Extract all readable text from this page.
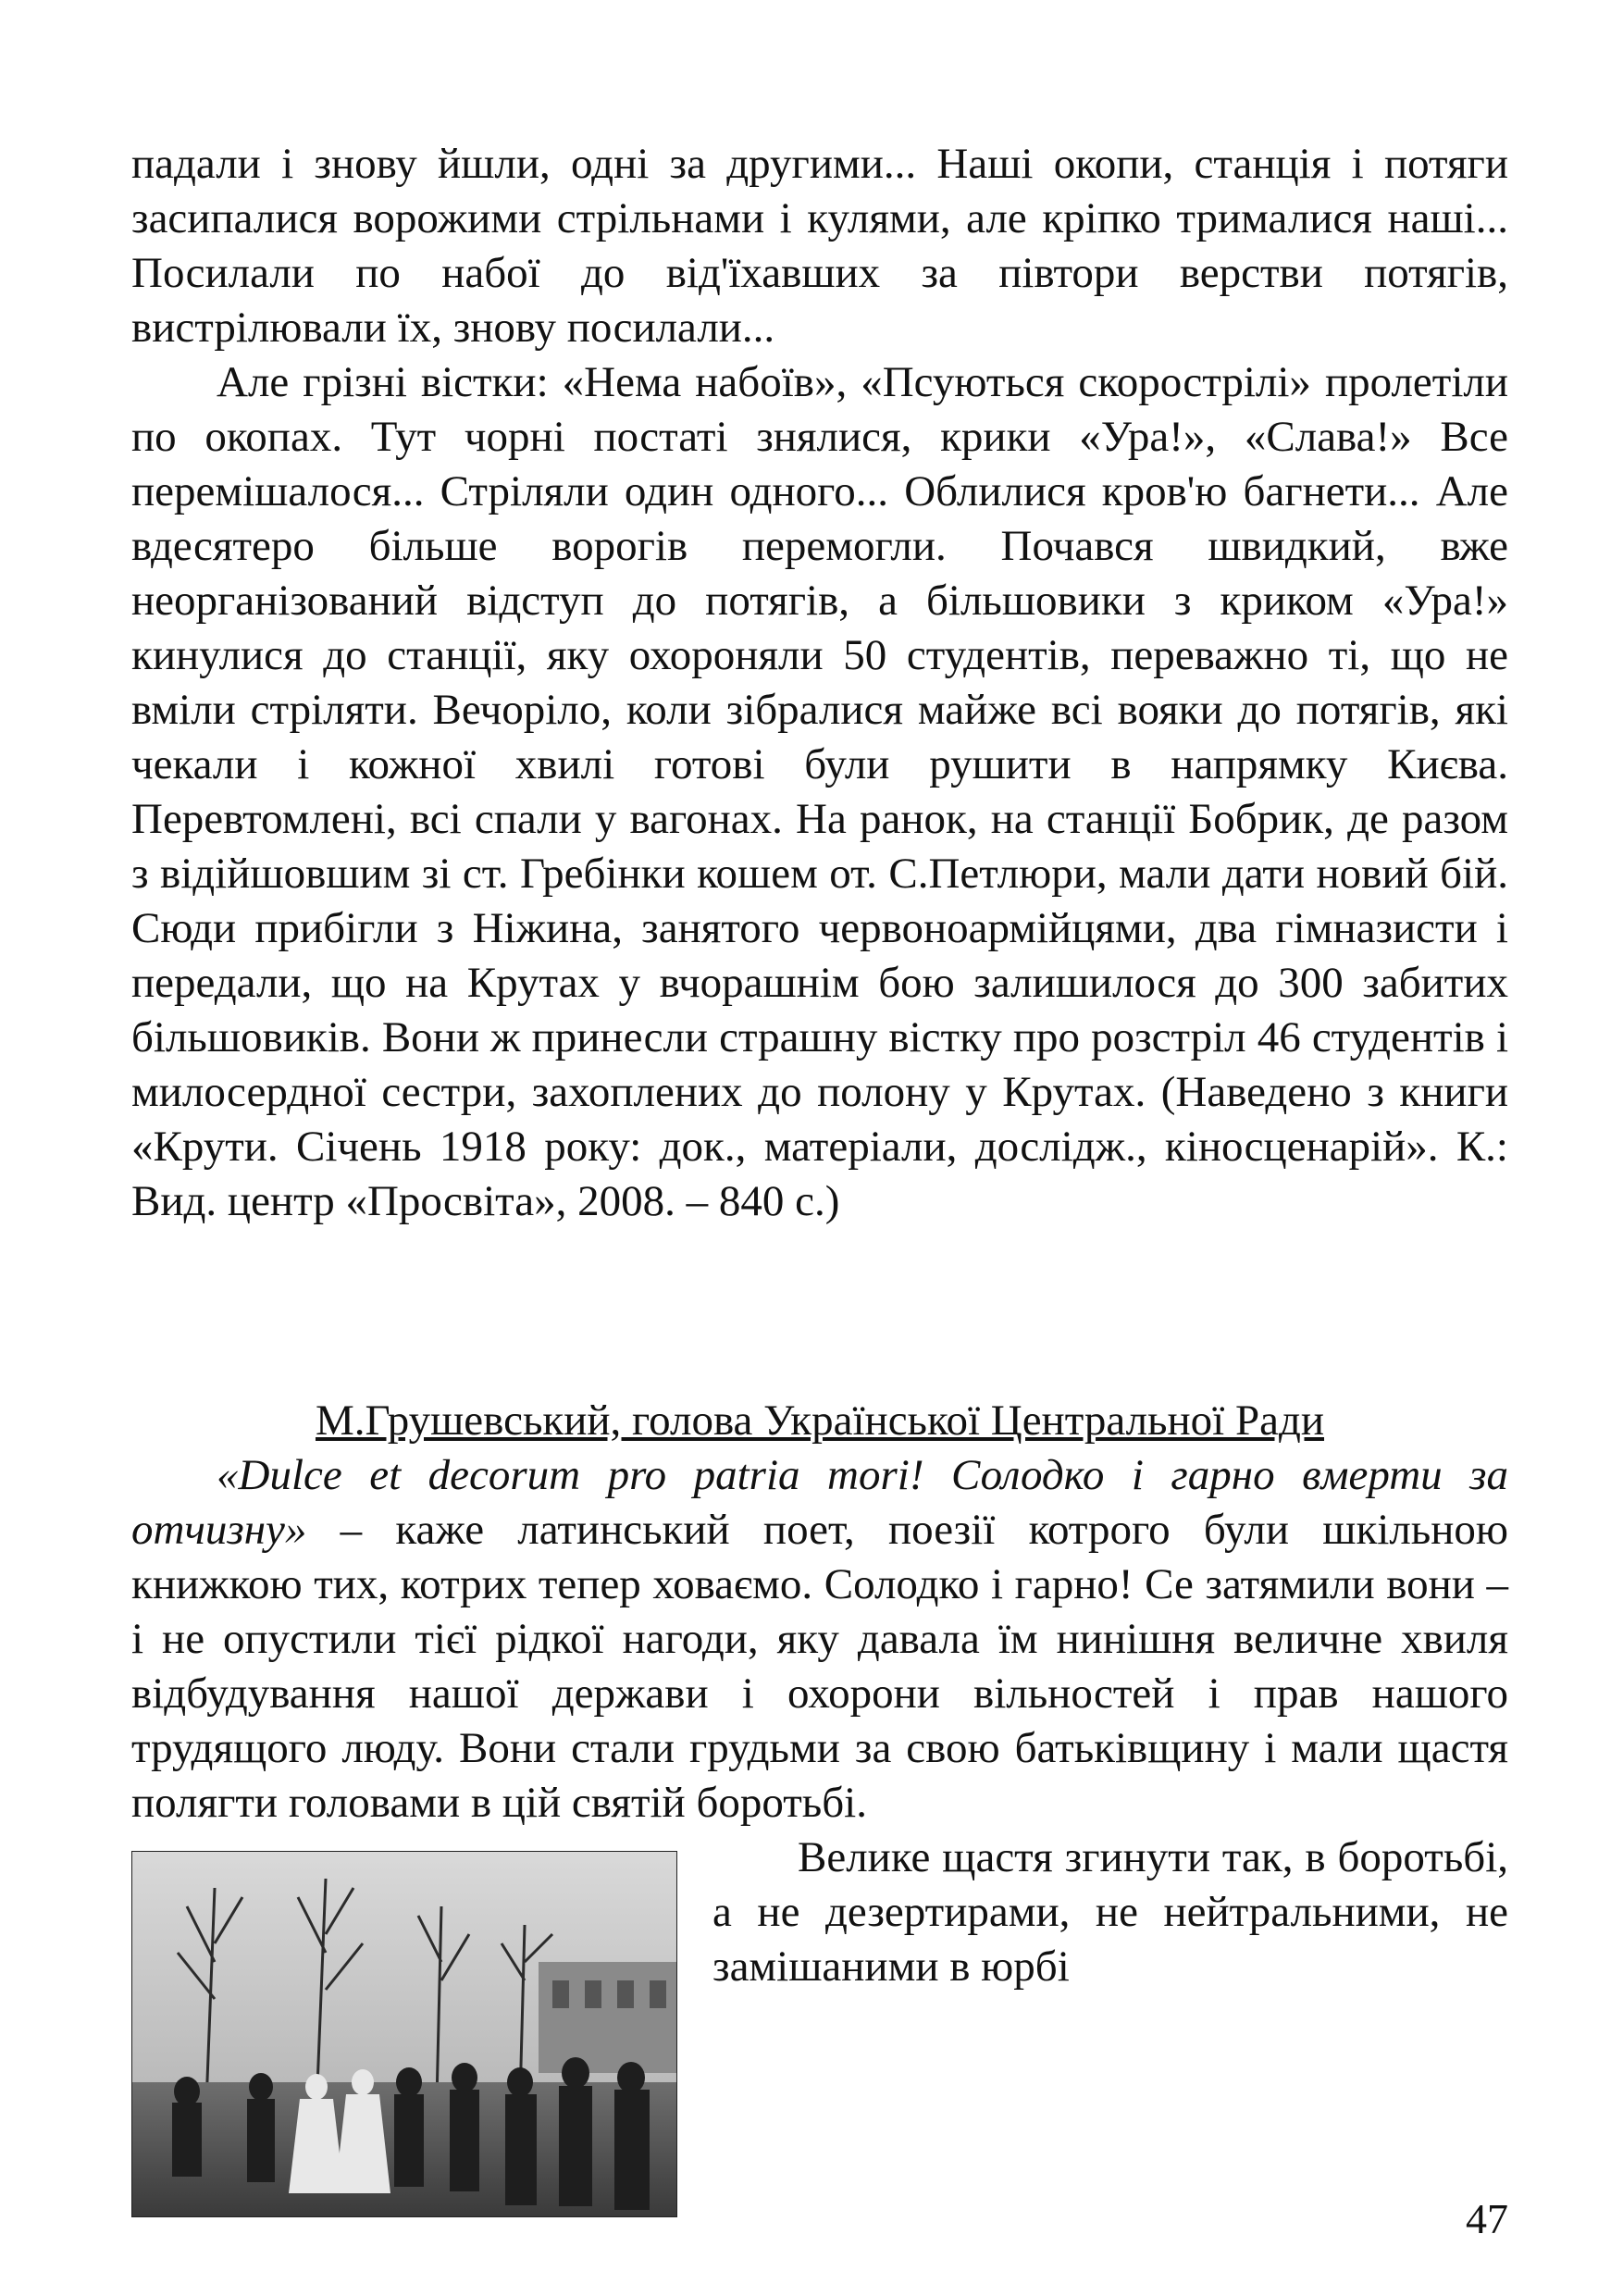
падали і знову йшли, одні за другими... Наші окопи, станція і потяги засипалися ворожими стрільнами і кулями, але кріпко трималися наші... Посилали по набої до від'їхавших за півтори верстви потягів, вистрілювали їх, знову посилали...

Але грізні вістки: «Нема набоїв», «Псуються скорострілі» пролетіли по окопах. Тут чорні постаті знялися, крики «Ура!», «Слава!» Все перемішалося... Стріляли один одного... Облилися кров'ю багнети... Але вдесятеро більше ворогів перемогли. Почався швидкий, вже неорганізований відступ до потягів, а більшовики з криком «Ура!» кинулися до станції, яку охороняли 50 студентів, переважно ті, що не вміли стріляти. Вечоріло, коли зібралися майже всі вояки до потягів, які чекали і кожної хвилі готові були рушити в напрямку Києва. Перевтомлені, всі спали у вагонах. На ранок, на станції Бобрик, де разом з відійшовшим зі ст. Гребінки кошем от. С.Петлюри, мали дати новий бій. Сюди прибігли з Ніжина, занятого червоноармійцями, два гімназисти і передали, що на Крутах у вчорашнім бою залишилося до 300 забитих більшовиків. Вони ж принесли страшну вістку про розстріл 46 студентів і милосердної сестри, захоплених до полону у Крутах. (Наведено з книги «Крути. Січень 1918 року: док., матеріали, дослідж., кіносценарій». К.: Вид. центр «Просвіта», 2008. – 840 с.)

М.Грушевський, голова Української Центральної Ради

«Dulce et decorum pro patria mori! Солодко і гарно вмерти за отчизну» – каже латинський поет, поезії котрого були шкільною книжкою тих, котрих тепер ховаємо. Солодко і гарно! Се затямили вони – і не опустили тієї рідкої нагоди, яку давала їм нинішня величне хвиля відбудування нашої держави і охорони вільностей і прав нашого трудящого люду. Вони стали грудьми за свою батьківщину і мали щастя полягти головами в цій святій боротьбі.

Велике щастя згинути так, в боротьбі, а не дезертирами, не нейтральними, не замішаними в юрбі

47
